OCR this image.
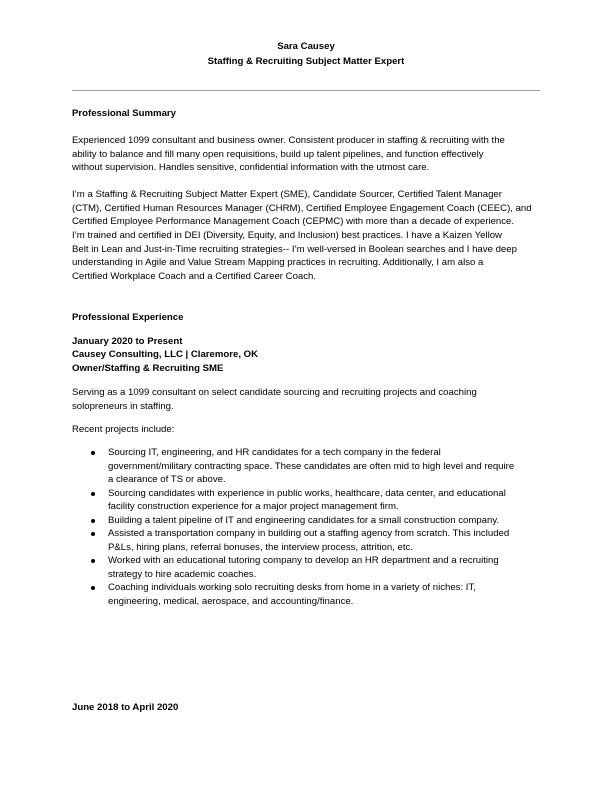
Sara Causey
Staffing & Recruiting Subject Matter Expert
Professional Summary
Experienced 1099 consultant and business owner. Consistent producer in staffing & recruiting with the
ability to balance and fill many open requisitions, build up talent pipelines, and function effectively
without supervision. Handles sensitive, confidential information with the utmost care.
I’m a Staffing & Recruiting Subject Matter Expert (SME), Candidate Sourcer, Certified Talent Manager
(CTM), Certified Human Resources Manager (CHRM), Certified Employee Engagement Coach (CEEC), and
Certified Employee Performance Management Coach (CEPMC) with more than a decade of experience.
I’m trained and certified in DEI (Diversity, Equity, and Inclusion) best practices. I have a Kaizen Yellow
Belt in Lean and Just-in-Time recruiting strategies-- I’m well-versed in Boolean searches and I have deep
understanding in Agile and Value Stream Mapping practices in recruiting. Additionally, I am also a
Certified Workplace Coach and a Certified Career Coach.
Professional Experience
January 2020 to Present
Causey Consulting, LLC | Claremore, OK
Owner/Staffing & Recruiting SME
Serving as a 1099 consultant on select candidate sourcing and recruiting projects and coaching
solopreneurs in staffing.
Recent projects include:
Sourcing IT, engineering, and HR candidates for a tech company in the federal
government/military contracting space. These candidates are often mid to high level and require
a clearance of TS or above.
Sourcing candidates with experience in public works, healthcare, data center, and educational
facility construction experience for a major project management firm.
Building a talent pipeline of IT and engineering candidates for a small construction company.
Assisted a transportation company in building out a staffing agency from scratch. This included
P&Ls, hiring plans, referral bonuses, the interview process, attrition, etc.
Worked with an educational tutoring company to develop an HR department and a recruiting
strategy to hire academic coaches.
Coaching individuals working solo recruiting desks from home in a variety of niches: IT,
engineering, medical, aerospace, and accounting/finance.
June 2018 to April 2020
